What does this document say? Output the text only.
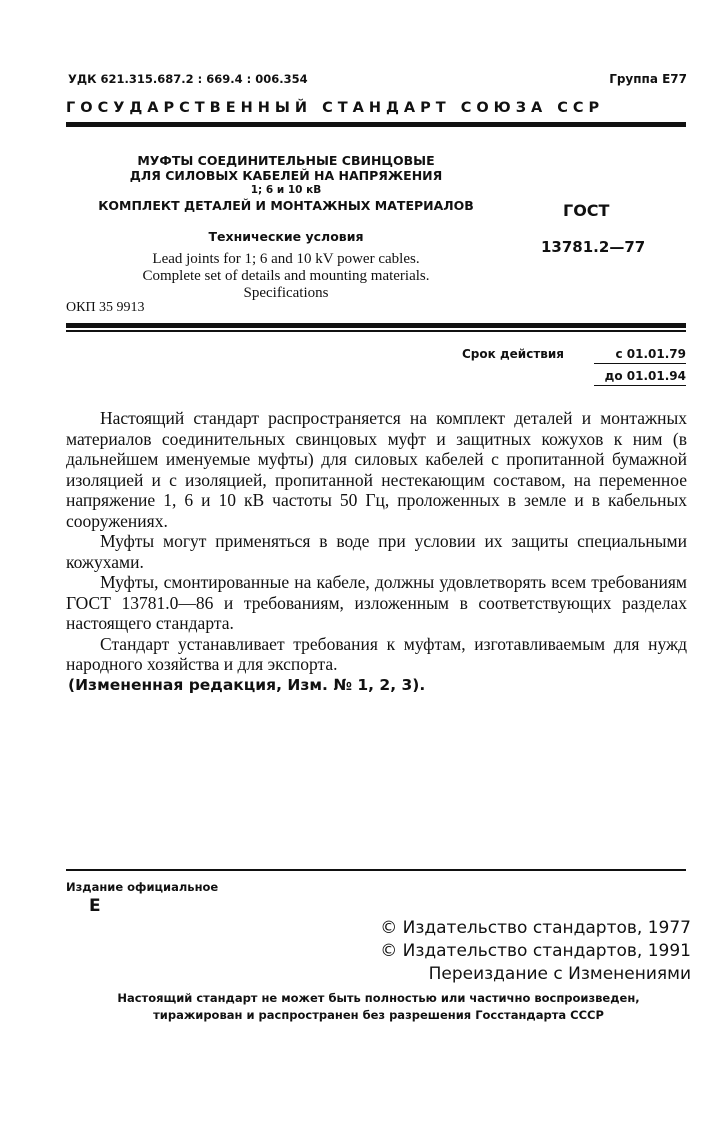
УДК 621.315.687.2 : 669.4 : 006.354	Группа Е77
ГОСУДАРСТВЕННЫЙ СТАНДАРТ СОЮЗА ССР
МУФТЫ СОЕДИНИТЕЛЬНЫЕ СВИНЦОВЫЕ
ДЛЯ СИЛОВЫХ КАБЕЛЕЙ НА НАПРЯЖЕНИЯ
1; 6 и 10 кВ
КОМПЛЕКТ ДЕТАЛЕЙ И МОНТАЖНЫХ МАТЕРИАЛОВ
Технические условия
Lead joints for 1; 6 and 10 kV power cables.
Complete set of details and mounting materials.
Specifications
ОКП 35 9913
ГОСТ
13781.2—77
Срок действия	с 01.01.79
до 01.01.94

Настоящий стандарт распространяется на комплект деталей и монтажных материалов соединительных свинцовых муфт и защитных кожухов к ним (в дальнейшем именуемые муфты) для силовых кабелей с пропитанной бумажной изоляцией и с изоляцией, пропитанной нестекающим составом, на переменное напряжение 1, 6 и 10 кВ частоты 50 Гц, проложенных в земле и в кабельных сооружениях.

Муфты могут применяться в воде при условии их защиты специальными кожухами.

Муфты, смонтированные на кабеле, должны удовлетворять всем требованиям ГОСТ 13781.0—86 и требованиям, изложенным в соответствующих разделах настоящего стандарта.

Стандарт устанавливает требования к муфтам, изготавливаемым для нужд народного хозяйства и для экспорта.

(Измененная редакция, Изм. № 1, 2, 3).
Издание официальное
Е
© Издательство стандартов, 1977
© Издательство стандартов, 1991
Переиздание с Изменениями
Настоящий стандарт не может быть полностью или частично воспроизведен,
тиражирован и распространен без разрешения Госстандарта СССР
